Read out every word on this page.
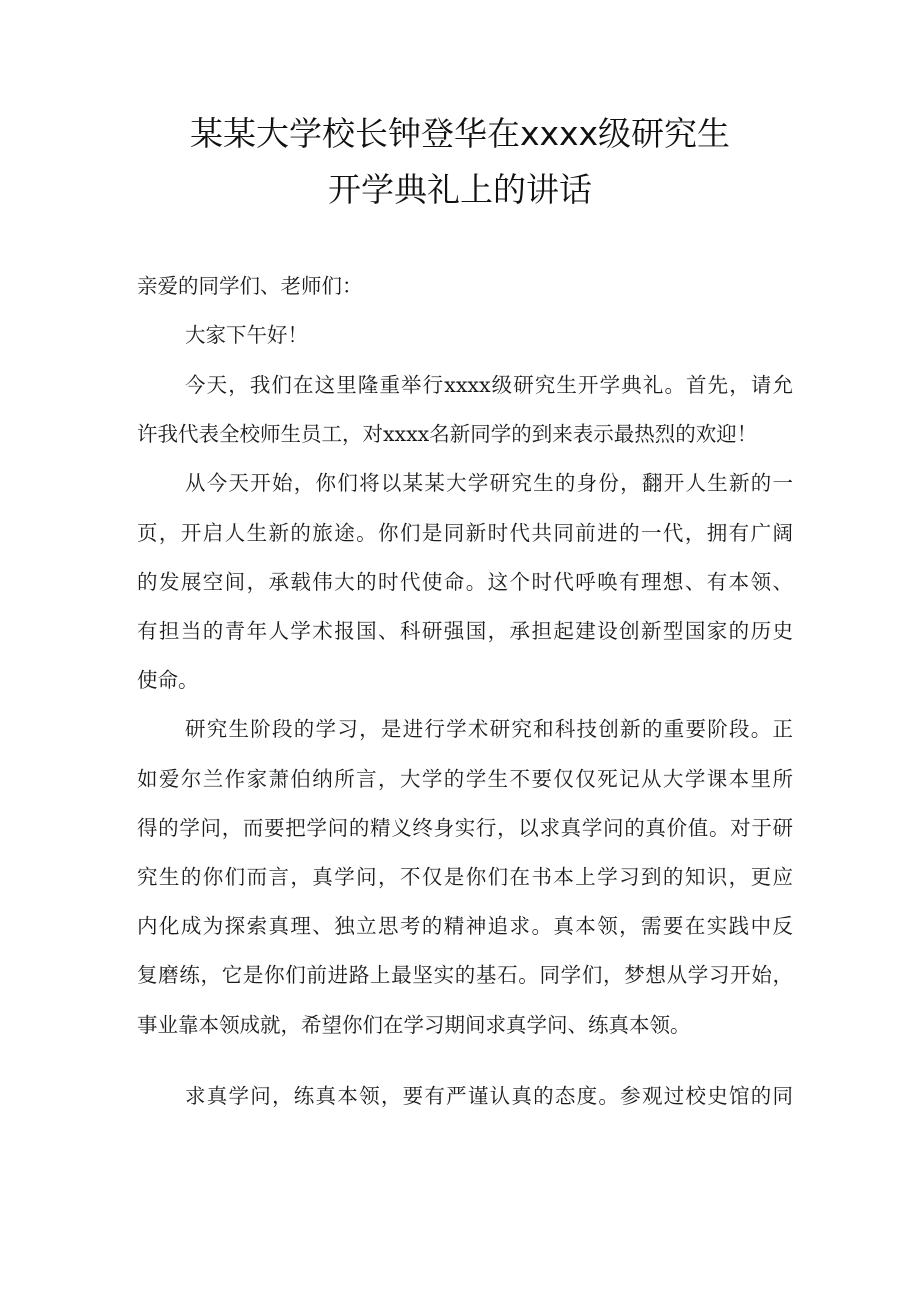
某某大学校长钟登华在xxxx级研究生
开学典礼上的讲话
亲爱的同学们、老师们：
大家下午好！
今天，我们在这里隆重举行xxxx级研究生开学典礼。首先，请允
许我代表全校师生员工，对xxxx名新同学的到来表示最热烈的欢迎！
从今天开始，你们将以某某大学研究生的身份，翻开人生新的一
页，开启人生新的旅途。你们是同新时代共同前进的一代，拥有广阔
的发展空间，承载伟大的时代使命。这个时代呼唤有理想、有本领、
有担当的青年人学术报国、科研强国，承担起建设创新型国家的历史
使命。
研究生阶段的学习，是进行学术研究和科技创新的重要阶段。正
如爱尔兰作家萧伯纳所言，大学的学生不要仅仅死记从大学课本里所
得的学问，而要把学问的精义终身实行，以求真学问的真价值。对于研
究生的你们而言，真学问，不仅是你们在书本上学习到的知识，更应
内化成为探索真理、独立思考的精神追求。真本领，需要在实践中反
复磨练，它是你们前进路上最坚实的基石。同学们，梦想从学习开始，
事业靠本领成就，希望你们在学习期间求真学问、练真本领。
求真学问，练真本领，要有严谨认真的态度。参观过校史馆的同
